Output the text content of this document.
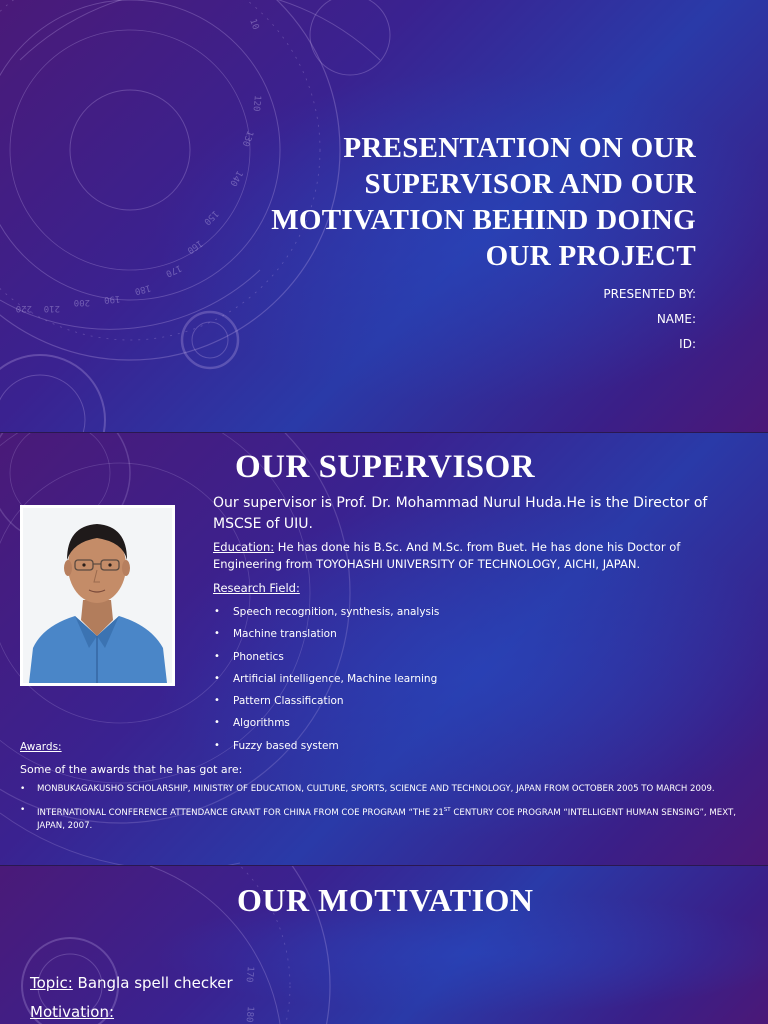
10
120
130
140
150
160
170
180
190
200
210
220
PRESENTATION ON OUR
SUPERVISOR AND OUR
MOTIVATION BEHIND DOING
OUR PROJECT
PRESENTED BY:
NAME:
ID:
OUR SUPERVISOR

Our supervisor is Prof. Dr. Mohammad Nurul Huda.He is the Director of MSCSE of UIU.

Education: He has done his B.Sc. And M.Sc. from Buet. He has done his Doctor of Engineering from TOYOHASHI UNIVERSITY OF TECHNOLOGY, AICHI, JAPAN.

Research Field:
• Speech recognition, synthesis, analysis
• Machine translation
• Phonetics
• Artificial intelligence, Machine learning
• Pattern Classification
• Algorithms
• Fuzzy based system
Awards:
Some of the awards that he has got are:
• MONBUKAGAKUSHO SCHOLARSHIP, MINISTRY OF EDUCATION, CULTURE, SPORTS, SCIENCE AND TECHNOLOGY, JAPAN FROM OCTOBER 2005 TO MARCH 2009.
• INTERNATIONAL CONFERENCE ATTENDANCE GRANT FOR CHINA FROM COE PROGRAM “THE 21ST CENTURY COE PROGRAM “INTELLIGENT HUMAN SENSING”, MEXT, JAPAN, 2007.
170
180
OUR MOTIVATION
Topic: Bangla spell checker
Motivation:
